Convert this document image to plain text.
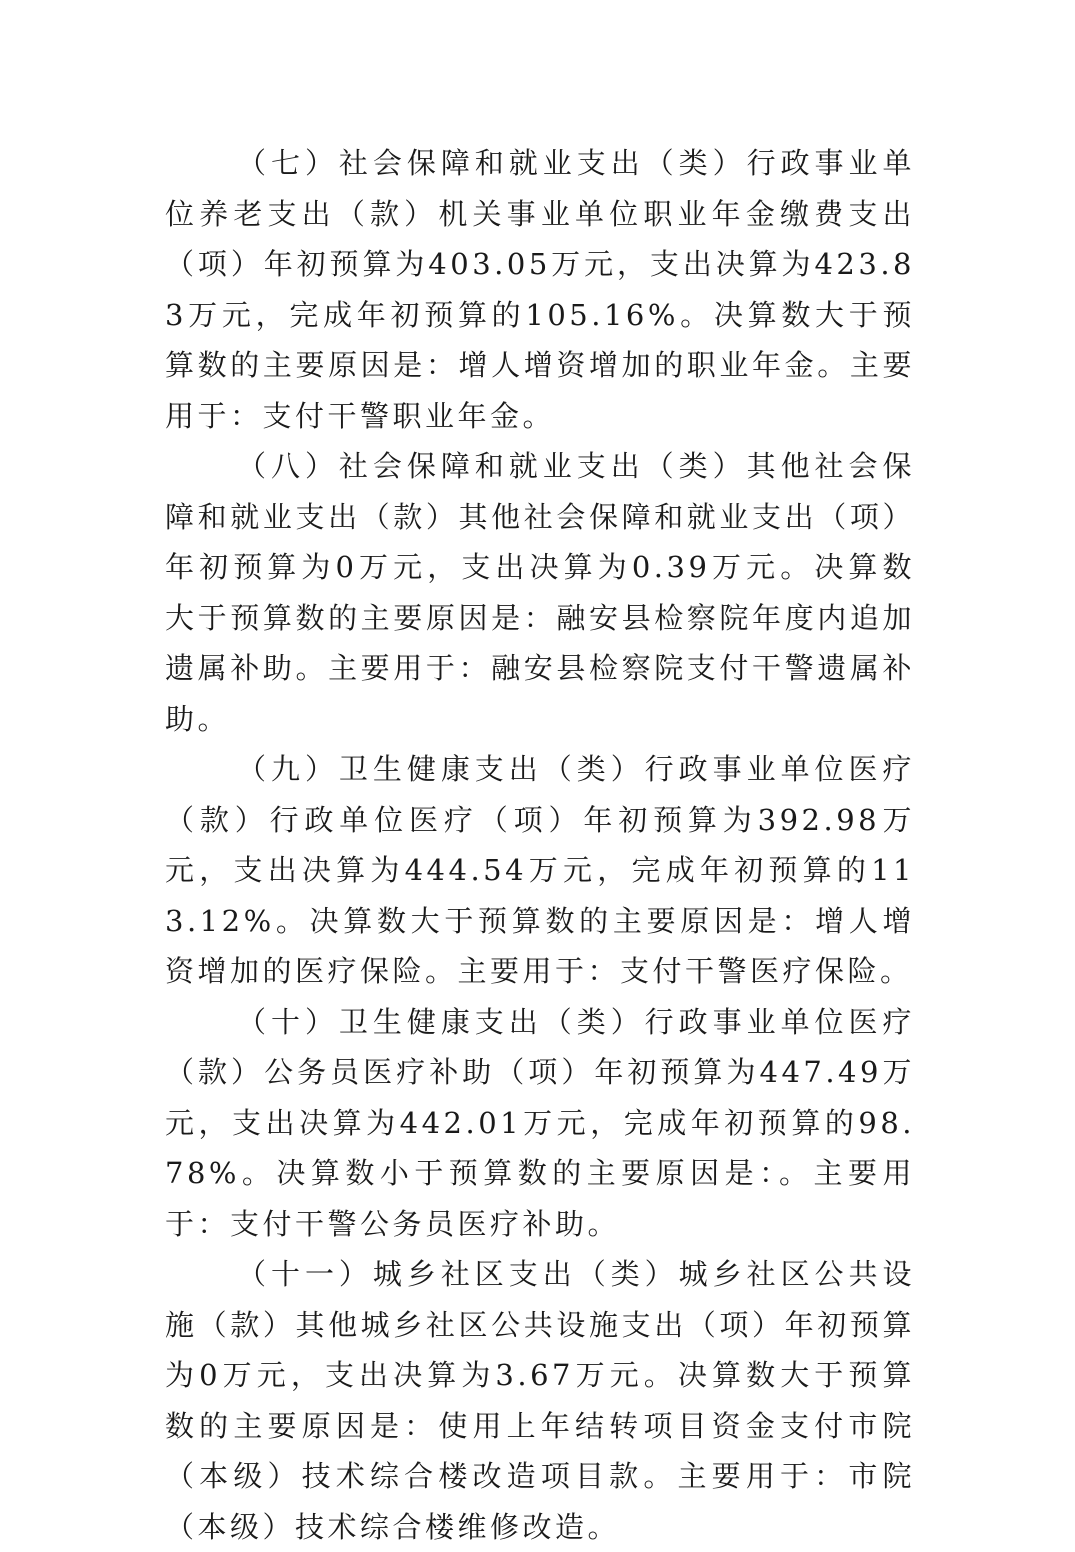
（七）社会保障和就业支出（类）行政事业单位养老支出（款）机关事业单位职业年金缴费支出（项）年初预算为403.05万元，支出决算为423.83万元，完成年初预算的105.16%。决算数大于预算数的主要原因是：增人增资增加的职业年金。主要用于：支付干警职业年金。

（八）社会保障和就业支出（类）其他社会保障和就业支出（款）其他社会保障和就业支出（项）年初预算为0万元，支出决算为0.39万元。决算数大于预算数的主要原因是：融安县检察院年度内追加遗属补助。主要用于：融安县检察院支付干警遗属补助。

（九）卫生健康支出（类）行政事业单位医疗（款）行政单位医疗（项）年初预算为392.98万元，支出决算为444.54万元，完成年初预算的113.12%。决算数大于预算数的主要原因是：增人增资增加的医疗保险。主要用于：支付干警医疗保险。

（十）卫生健康支出（类）行政事业单位医疗（款）公务员医疗补助（项）年初预算为447.49万元，支出决算为442.01万元，完成年初预算的98.78%。决算数小于预算数的主要原因是：。主要用于：支付干警公务员医疗补助。

（十一）城乡社区支出（类）城乡社区公共设施（款）其他城乡社区公共设施支出（项）年初预算为0万元，支出决算为3.67万元。决算数大于预算数的主要原因是：使用上年结转项目资金支付市院（本级）技术综合楼改造项目款。主要用于：市院（本级）技术综合楼维修改造。
